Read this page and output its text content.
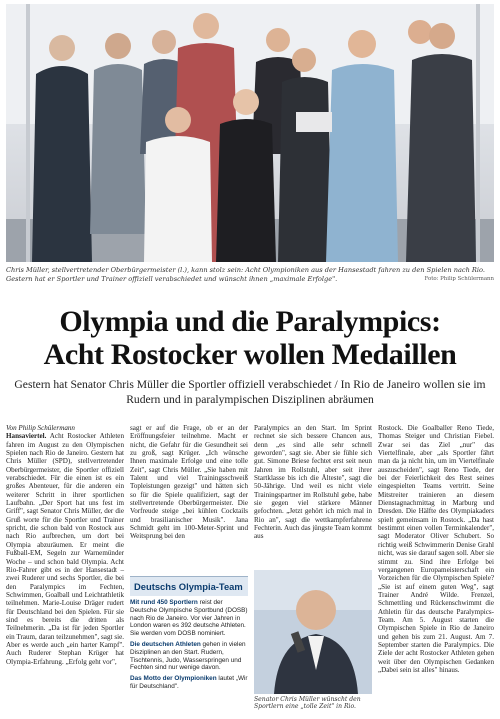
Chris Müller, stellvertretender Oberbürgermeister (l.), kann stolz sein: Acht Olympioniken aus der Hansestadt fahren zu den Spielen nach Rio. Gestern hat er Sportler und Trainer offiziell verabschiedet und wünscht ihnen „maximale Erfolge".	Foto: Philip Schülermann
Olympia und die Paralympics:
Acht Rostocker wollen Medaillen
Gestern hat Senator Chris Müller die Sportler offiziell verabschiedet / In Rio de Janeiro wollen sie im Rudern und in paralympischen Disziplinen abräumen

Von Philip Schülermann

Hansaviertel. Acht Rostocker Athleten fahren im August zu den Olympischen Spielen nach Rio de Janeiro. Gestern hat Chris Müller (SPD), stellvertretender Oberbürgermeister, die Sportler offiziell verabschiedet. Für die einen ist es ein großes Abenteuer, für die anderen ein weiterer Schritt in ihrer sportlichen Laufbahn. „Der Sport hat uns fest im Griff", sagt Senator Chris Müller, der die Gruß worte für die Sportler und Trainer spricht, die schon bald von Rostock aus nach Rio aufbrechen, um dort bei Olympia abzuräumen. Er meint die Fußball-EM, Segeln zur Warnemünder Woche – und schon bald Olympia. Acht Rio-Fahrer gibt es in der Hansestadt – zwei Ruderer und sechs Sportler, die bei den Paralympics im Fechten, Schwimmen, Goalball und Leichtathletik teilnehmen. Marie-Louise Dräger rudert für Deutschland bei den Spielen. Für sie sind es bereits die dritten als Teilnehmerin. „Da ist für jeden Sportler ein Traum, daran teilzunehmen", sagt sie. Aber es werde auch „ein harter Kampf". Auch Ruderer Stephan Krüger hat Olympia-Erfahrung. „Erfolg geht vor",

sagt er auf die Frage, ob er an der Eröffnungsfeier teilnehme. Macht er nicht, die Gefahr für die Gesundheit sei zu groß, sagt Krüger. „Ich wünsche Ihnen maximale Erfolge und eine tolle Zeit", sagt Chris Müller. „Sie haben mit Talent und viel Trainingsschweiß Topleistungen gezeigt" und hätten sich so für die Spiele qualifiziert, sagt der stellvertretende Oberbürgermeister. Die Vorfreude steige „bei kühlen Cocktails und brasilianischer Musik". Jana Schmidt geht im 100-Meter-Sprint und Weitsprung bei den

Deutschs Olympia-Team

Mit rund 450 Sportlern reist der Deutsche Olympische Sportbund (DOSB) nach Rio de Janeiro. Vor vier Jahren in London waren es 392 deutsche Athleten. Sie werden vom DOSB nominiert.

Die deutschen Athleten gehen in vielen Disziplinen an den Start. Rudern, Tischtennis, Judo, Wasserspringen und Fechten sind nur wenige davon.

Das Motto der Olympioniken lautet „Wir für Deutschland".

Paralympics an den Start. Im Sprint rechnet sie sich bessere Chancen aus, denn „es sind alle sehr schnell geworden", sagt sie. Aber sie fühle sich gut. Simone Briese fechtet erst seit neun Jahren im Rollstuhl, aber seit ihrer Startklasse bis ich die Älteste", sagt die 50-Jährige. Und weil es nicht viele Trainingspartner im Rollstuhl gebe, habe sie gegen viel stärkere Männer gefochten. „Jetzt gehört ich mich mal in Rio an", sagt die wettkampferfahrene Fechterin. Auch das jüngste Team kommt aus

Senator Chris Müller wünscht den Sportlern eine „tolle Zeit" in Rio.

Rostock. Die Goalballer Reno Tiede, Thomas Steiger und Christian Fiebel. Zwar sei das Ziel „nur" das Viertelfinale, aber „als Sportler fährt man da ja nicht hin, um im Viertelfinale auszuscheiden", sagt Reno Tiede, der bei der Feierlichkeit des Rest seines eingespielten Teams vertritt. Seine Mitstreiter trainieren an diesem Dienstagnachmittag in Marburg und Dresden. Die Hälfte des Olympiakaders spielt gemeinsam in Rostock. „Da hast bestimmt einen vollen Terminkalender", sagt Moderator Oliver Schubert. So richtig weiß Schwimmerin Denise Grahl nicht, was sie darauf sagen soll. Aber sie stimmt zu. Sind ihre Erfolge bei vergangenen Europameisterschaft ein Vorzeichen für die Olympischen Spiele? „Sie ist auf einem guten Weg", sagt Trainer André Wilde. Frenzel, Schmettling und Rückenschwimmt die Athletin für das deutsche Paralympics-Team. Am 5. August starten die Olympischen Spiele in Rio de Janeiro und gehen bis zum 21. August. Am 7. September starten die Paralympics. Die Ziele der acht Rostocker Athleten gehen weit über den Olympischen Gedanken „Dabei sein ist alles" hinaus.
